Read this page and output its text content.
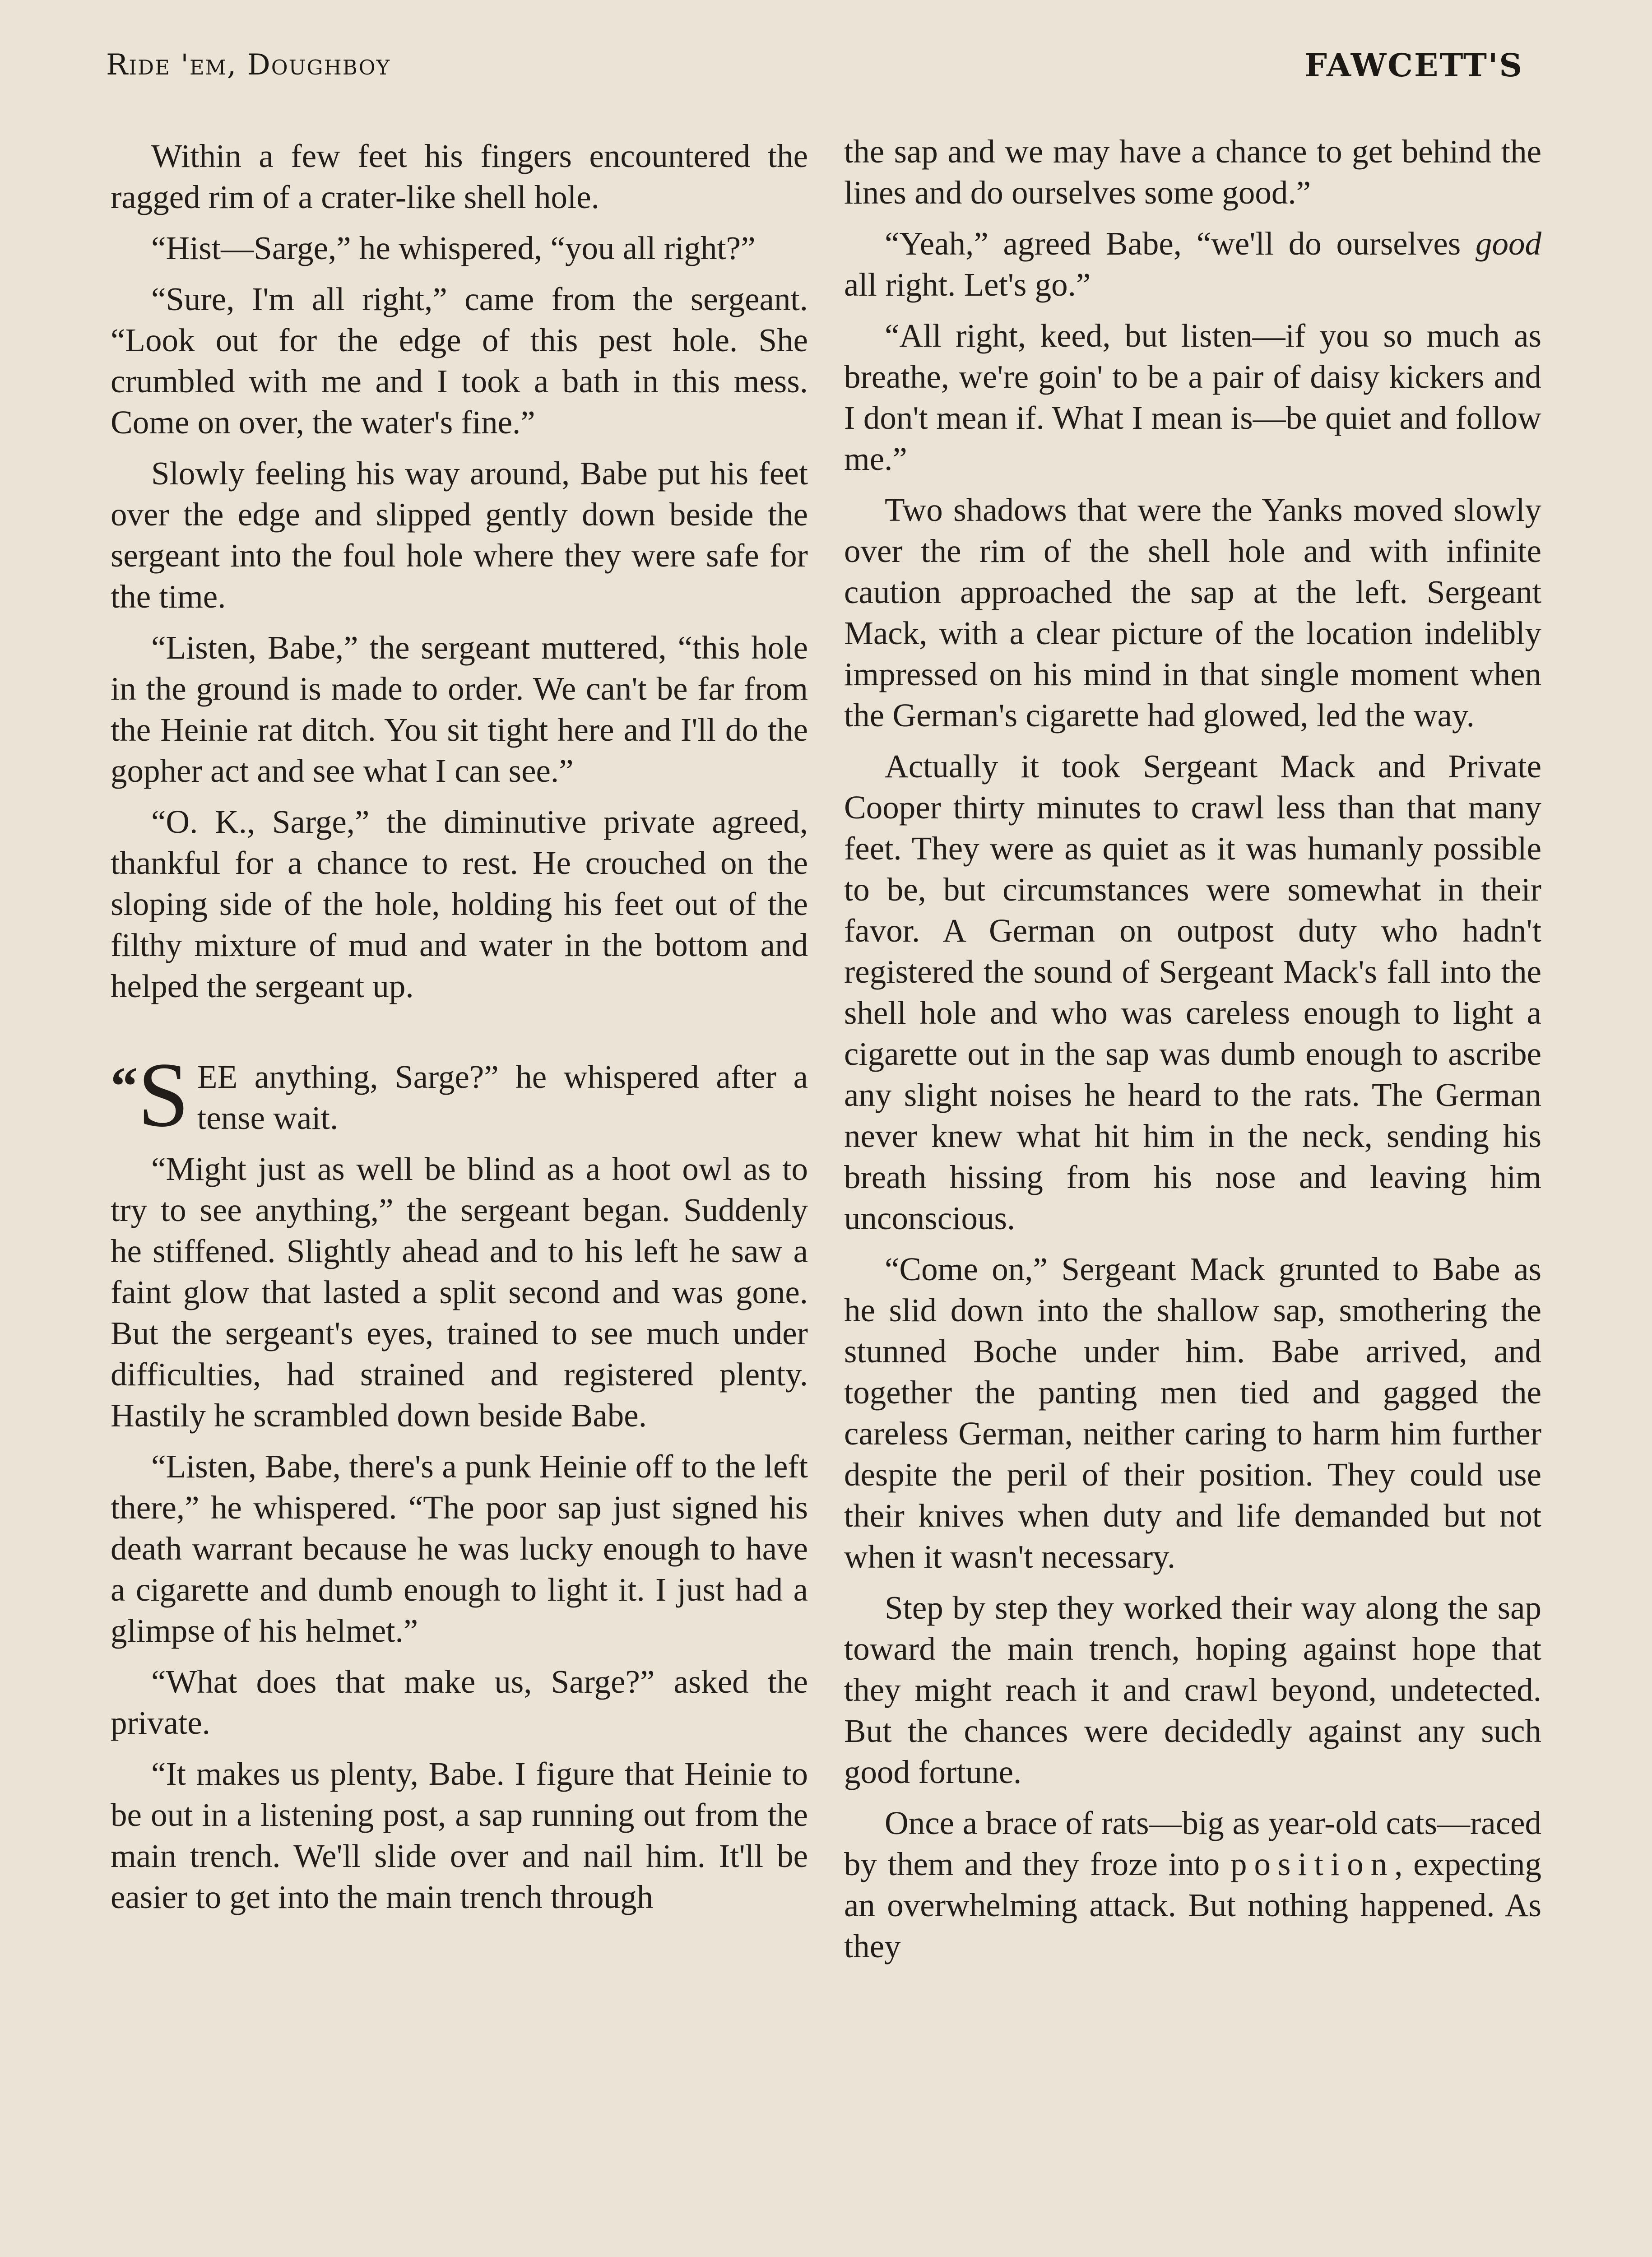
Ride 'em, Doughboy	FAWCETT'S

Within a few feet his fingers encountered the ragged rim of a crater-like shell hole.

“Hist—Sarge,” he whispered, “you all right?”

“Sure, I'm all right,” came from the sergeant. “Look out for the edge of this pest hole. She crumbled with me and I took a bath in this mess. Come on over, the water's fine.”

Slowly feeling his way around, Babe put his feet over the edge and slipped gently down beside the sergeant into the foul hole where they were safe for the time.

“Listen, Babe,” the sergeant muttered, “this hole in the ground is made to order. We can't be far from the Heinie rat ditch. You sit tight here and I'll do the gopher act and see what I can see.”

“O. K., Sarge,” the diminutive private agreed, thankful for a chance to rest. He crouched on the sloping side of the hole, holding his feet out of the filthy mixture of mud and water in the bottom and helped the sergeant up.

“S EE anything, Sarge?” he whispered after a tense wait.

“Might just as well be blind as a hoot owl as to try to see anything,” the sergeant began. Suddenly he stiffened. Slightly ahead and to his left he saw a faint glow that lasted a split second and was gone. But the sergeant's eyes, trained to see much under difficulties, had strained and registered plenty. Hastily he scrambled down beside Babe.

“Listen, Babe, there's a punk Heinie off to the left there,” he whispered. “The poor sap just signed his death warrant because he was lucky enough to have a cigarette and dumb enough to light it. I just had a glimpse of his helmet.”

“What does that make us, Sarge?” asked the private.

“It makes us plenty, Babe. I figure that Heinie to be out in a listening post, a sap running out from the main trench. We'll slide over and nail him. It'll be easier to get into the main trench through

the sap and we may have a chance to get behind the lines and do ourselves some good.”

“Yeah,” agreed Babe, “we'll do ourselves good all right. Let's go.”

“All right, keed, but listen—if you so much as breathe, we're goin' to be a pair of daisy kickers and I don't mean if. What I mean is—be quiet and follow me.”

Two shadows that were the Yanks moved slowly over the rim of the shell hole and with infinite caution approached the sap at the left. Sergeant Mack, with a clear picture of the location indelibly impressed on his mind in that single moment when the German's cigarette had glowed, led the way.

Actually it took Sergeant Mack and Private Cooper thirty minutes to crawl less than that many feet. They were as quiet as it was humanly possible to be, but circumstances were somewhat in their favor. A German on outpost duty who hadn't registered the sound of Sergeant Mack's fall into the shell hole and who was careless enough to light a cigarette out in the sap was dumb enough to ascribe any slight noises he heard to the rats. The German never knew what hit him in the neck, sending his breath hissing from his nose and leaving him unconscious.

“Come on,” Sergeant Mack grunted to Babe as he slid down into the shallow sap, smothering the stunned Boche under him. Babe arrived, and together the panting men tied and gagged the careless German, neither caring to harm him further despite the peril of their position. They could use their knives when duty and life demanded but not when it wasn't necessary.

Step by step they worked their way along the sap toward the main trench, hoping against hope that they might reach it and crawl beyond, undetected. But the chances were decidedly against any such good fortune.

Once a brace of rats—big as year-old cats—raced by them and they froze into position, expecting an overwhelming attack. But nothing happened. As they
